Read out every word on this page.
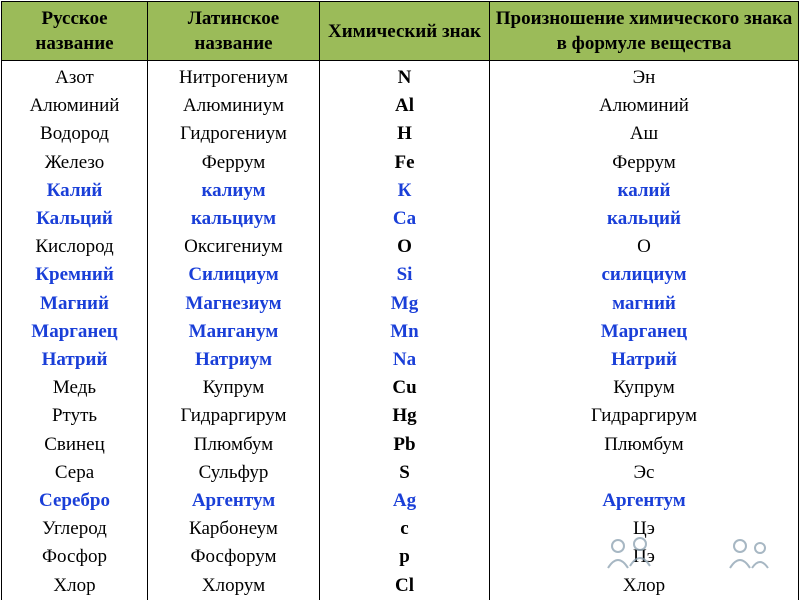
Русское название	Латинское название	Химический знак	Произношение химического знака в формуле вещества
Азот	Нитрогениум	N	Эн
Алюминий	Алюминиум	Al	Алюминий
Водород	Гидрогениум	H	Аш
Железо	Феррум	Fe	Феррум
Калий	калиум	К	калий
Кальций	кальциум	Ca	кальций
Кислород	Оксигениум	O	О
Кремний	Силициум	Si	силициум
Магний	Магнезиум	Mg	магний
Марганец	Манганум	Mn	Марганец
Натрий	Натриум	Na	Натрий
Медь	Купрум	Cu	Купрум
Ртуть	Гидраргирум	Hg	Гидраргирум
Свинец	Плюмбум	Pb	Плюмбум
Сера	Сульфур	S	Эс
Серебро	Аргентум	Ag	Аргентум
Углерод	Карбонеум	c	Цэ
Фосфор	Фосфорум	p	Пэ
Хлор	Хлорум	Cl	Хлор
